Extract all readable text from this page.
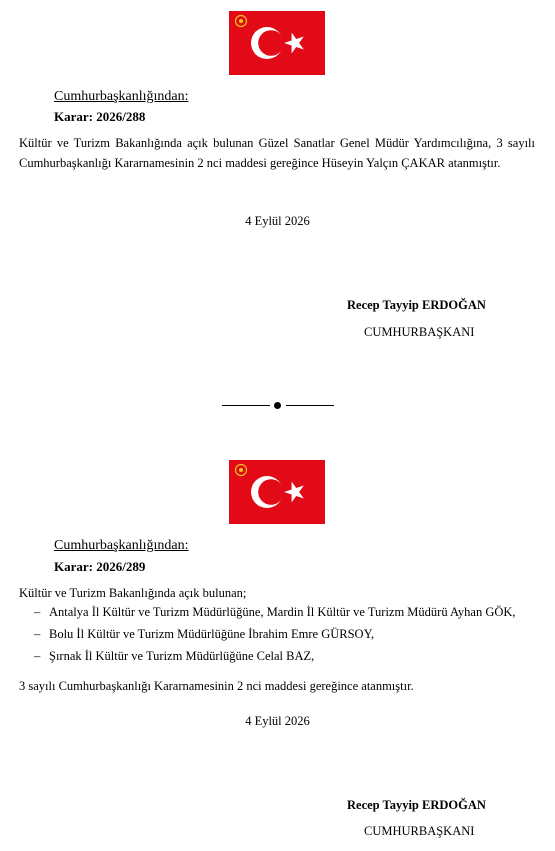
Cumhurbaşkanlığından:
Karar: 2026/288
Kültür ve Turizm Bakanlığında açık bulunan Güzel Sanatlar Genel Müdür Yardımcılığına, 3 sayılı Cumhurbaşkanlığı Kararnamesinin 2 nci maddesi gereğince Hüseyin Yalçın ÇAKAR atanmıştır.
4 Eylül 2026
Recep Tayyip ERDOĞAN
CUMHURBAŞKANI
Cumhurbaşkanlığından:
Karar: 2026/289
Kültür ve Turizm Bakanlığında açık bulunan;
– Antalya İl Kültür ve Turizm Müdürlüğüne, Mardin İl Kültür ve Turizm Müdürü Ayhan GÖK,
– Bolu İl Kültür ve Turizm Müdürlüğüne İbrahim Emre GÜRSOY,
– Şırnak İl Kültür ve Turizm Müdürlüğüne Celal BAZ,
3 sayılı Cumhurbaşkanlığı Kararnamesinin 2 nci maddesi gereğince atanmıştır.
4 Eylül 2026
Recep Tayyip ERDOĞAN
CUMHURBAŞKANI
